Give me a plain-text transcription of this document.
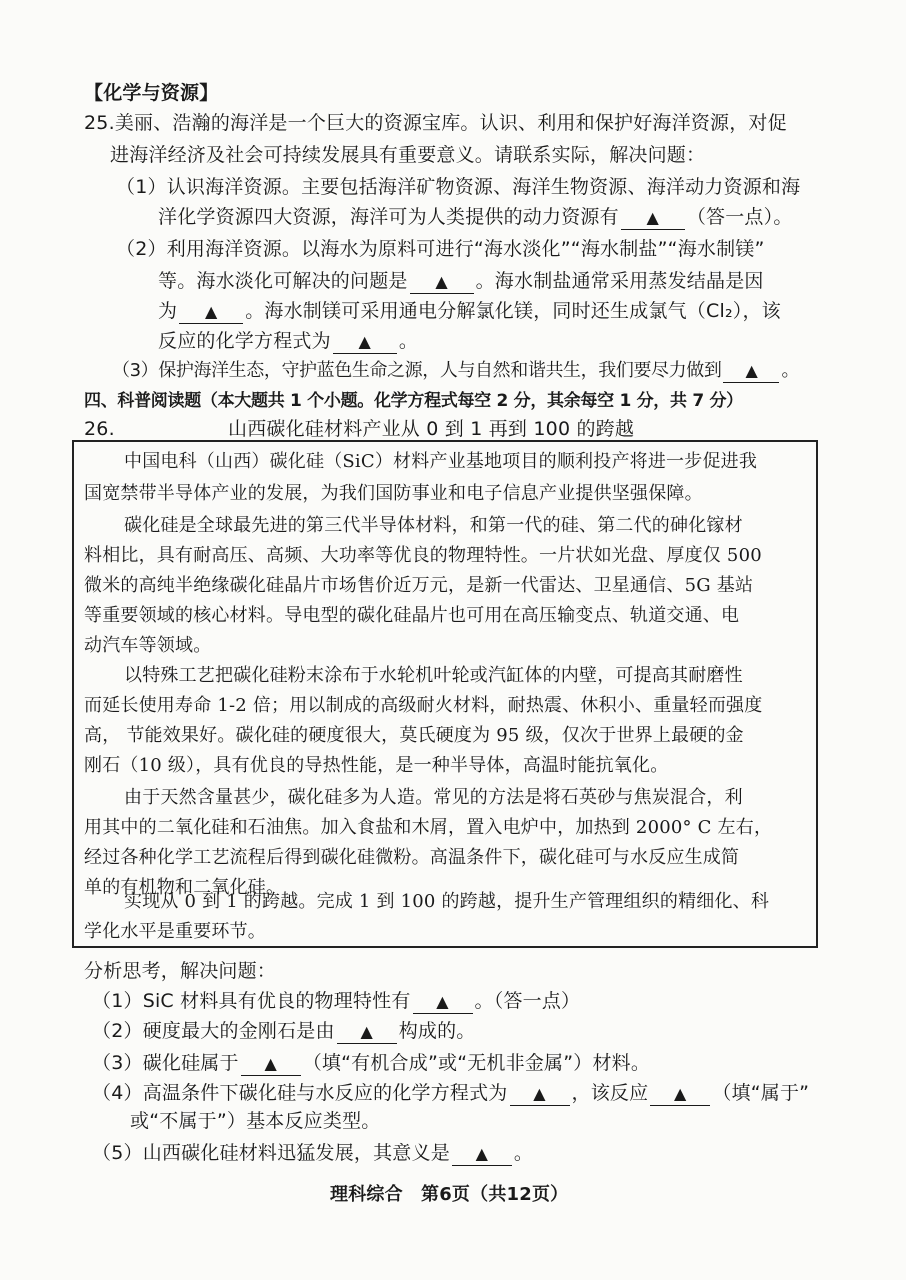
【化学与资源】
25.美丽、浩瀚的海洋是一个巨大的资源宝库。认识、利用和保护好海洋资源，对促
进海洋经济及社会可持续发展具有重要意义。请联系实际，解决问题：
（1）认识海洋资源。主要包括海洋矿物资源、海洋生物资源、海洋动力资源和海
洋化学资源四大资源，海洋可为人类提供的动力资源有 ▲ （答一点）。
（2）利用海洋资源。以海水为原料可进行“海水淡化”“海水制盐”“海水制镁”
等。海水淡化可解决的问题是 ▲ 。海水制盐通常采用蒸发结晶是因
为 ▲ 。海水制镁可采用通电分解氯化镁，同时还生成氯气（Cl₂），该
反应的化学方程式为 ▲ 。
（3）保护海洋生态，守护蓝色生命之源，人与自然和谐共生，我们要尽力做到 ▲ 。
四、科普阅读题（本大题共 1 个小题。化学方程式每空 2 分，其余每空 1 分，共 7 分）
26.	山西碳化硅材料产业从 0 到 1 再到 100 的跨越
中国电科（山西）碳化硅（SiC）材料产业基地项目的顺利投产将进一步促进我
国宽禁带半导体产业的发展，为我们国防事业和电子信息产业提供坚强保障。
碳化硅是全球最先进的第三代半导体材料，和第一代的硅、第二代的砷化镓材
料相比，具有耐高压、高频、大功率等优良的物理特性。一片状如光盘、厚度仅 500
微米的高纯半绝缘碳化硅晶片市场售价近万元，是新一代雷达、卫星通信、5G 基站
等重要领域的核心材料。导电型的碳化硅晶片也可用在高压输变点、轨道交通、电
动汽车等领域。
以特殊工艺把碳化硅粉末涂布于水轮机叶轮或汽缸体的内壁，可提高其耐磨性
而延长使用寿命 1-2 倍；用以制成的高级耐火材料，耐热震、休积小、重量轻而强度
高， 节能效果好。碳化硅的硬度很大，莫氏硬度为 95 级，仅次于世界上最硬的金
刚石（10 级），具有优良的导热性能，是一种半导体，高温时能抗氧化。
由于天然含量甚少，碳化硅多为人造。常见的方法是将石英砂与焦炭混合，利
用其中的二氧化硅和石油焦。加入食盐和木屑，置入电炉中，加热到 2000° C 左右，
经过各种化学工艺流程后得到碳化硅微粉。高温条件下，碳化硅可与水反应生成简
单的有机物和二氧化硅。
实现从 0 到 1 的跨越。完成 1 到 100 的跨越，提升生产管理组织的精细化、科
学化水平是重要环节。
分析思考，解决问题：
（1）SiC 材料具有优良的物理特性有 ▲ 。（答一点）
（2）硬度最大的金刚石是由 ▲ 构成的。
（3）碳化硅属于 ▲ （填“有机合成”或“无机非金属”）材料。
（4）高温条件下碳化硅与水反应的化学方程式为 ▲ ，该反应 ▲ （填“属于”
或“不属于”）基本反应类型。
（5）山西碳化硅材料迅猛发展，其意义是 ▲ 。
理科综合　第6页（共12页）
